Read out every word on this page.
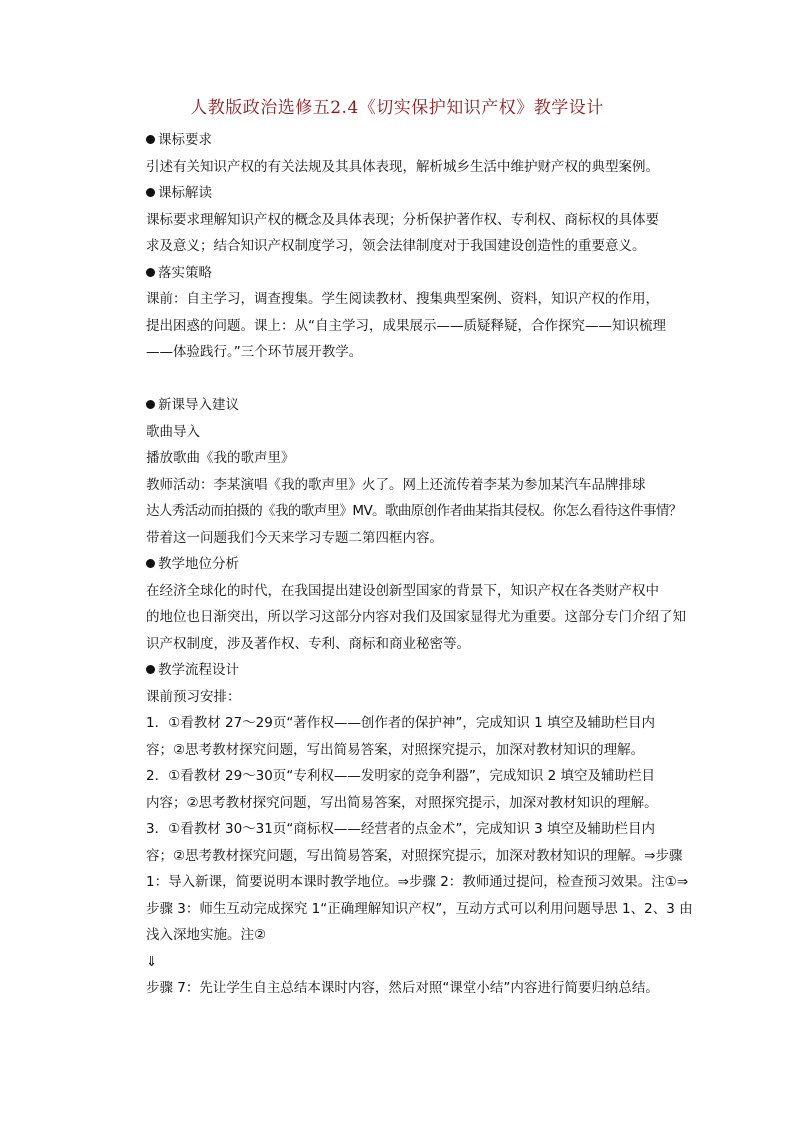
人教版政治选修五2.4《切实保护知识产权》教学设计

课标要求

引述有关知识产权的有关法规及其具体表现，解析城乡生活中维护财产权的典型案例。

课标解读

课标要求理解知识产权的概念及具体表现；分析保护著作权、专利权、商标权的具体要

求及意义；结合知识产权制度学习，领会法律制度对于我国建设创造性的重要意义。

落实策略

课前：自主学习，调查搜集。学生阅读教材、搜集典型案例、资料，知识产权的作用，

提出困惑的问题。课上：从“自主学习，成果展示——质疑释疑，合作探究——知识梳理

——体验践行。”三个环节展开教学。

新课导入建议

歌曲导入

播放歌曲《我的歌声里》

教师活动：李某演唱《我的歌声里》火了。网上还流传着李某为参加某汽车品牌排球

达人秀活动而拍摄的《我的歌声里》MV。歌曲原创作者曲某指其侵权。你怎么看待这件事情？

带着这一问题我们今天来学习专题二第四框内容。

教学地位分析

在经济全球化的时代，在我国提出建设创新型国家的背景下，知识产权在各类财产权中

的地位也日渐突出，所以学习这部分内容对我们及国家显得尤为重要。这部分专门介绍了知

识产权制度，涉及著作权、专利、商标和商业秘密等。

教学流程设计

课前预习安排：

1．①看教材 27～29页“著作权——创作者的保护神”，完成知识 1 填空及辅助栏目内

容；②思考教材探究问题，写出简易答案，对照探究提示，加深对教材知识的理解。

2．①看教材 29～30页“专利权——发明家的竞争利器”，完成知识 2 填空及辅助栏目

内容；②思考教材探究问题，写出简易答案，对照探究提示，加深对教材知识的理解。

3．①看教材 30～31页“商标权——经营者的点金术”，完成知识 3 填空及辅助栏目内

容；②思考教材探究问题，写出简易答案，对照探究提示，加深对教材知识的理解。⇒步骤

1：导入新课，简要说明本课时教学地位。⇒步骤 2：教师通过提问，检查预习效果。注①⇒

步骤 3：师生互动完成探究 1“正确理解知识产权”，互动方式可以利用问题导思 1、2、3 由

浅入深地实施。注②

⇓

步骤 7：先让学生自主总结本课时内容，然后对照“课堂小结”内容进行简要归纳总结。
